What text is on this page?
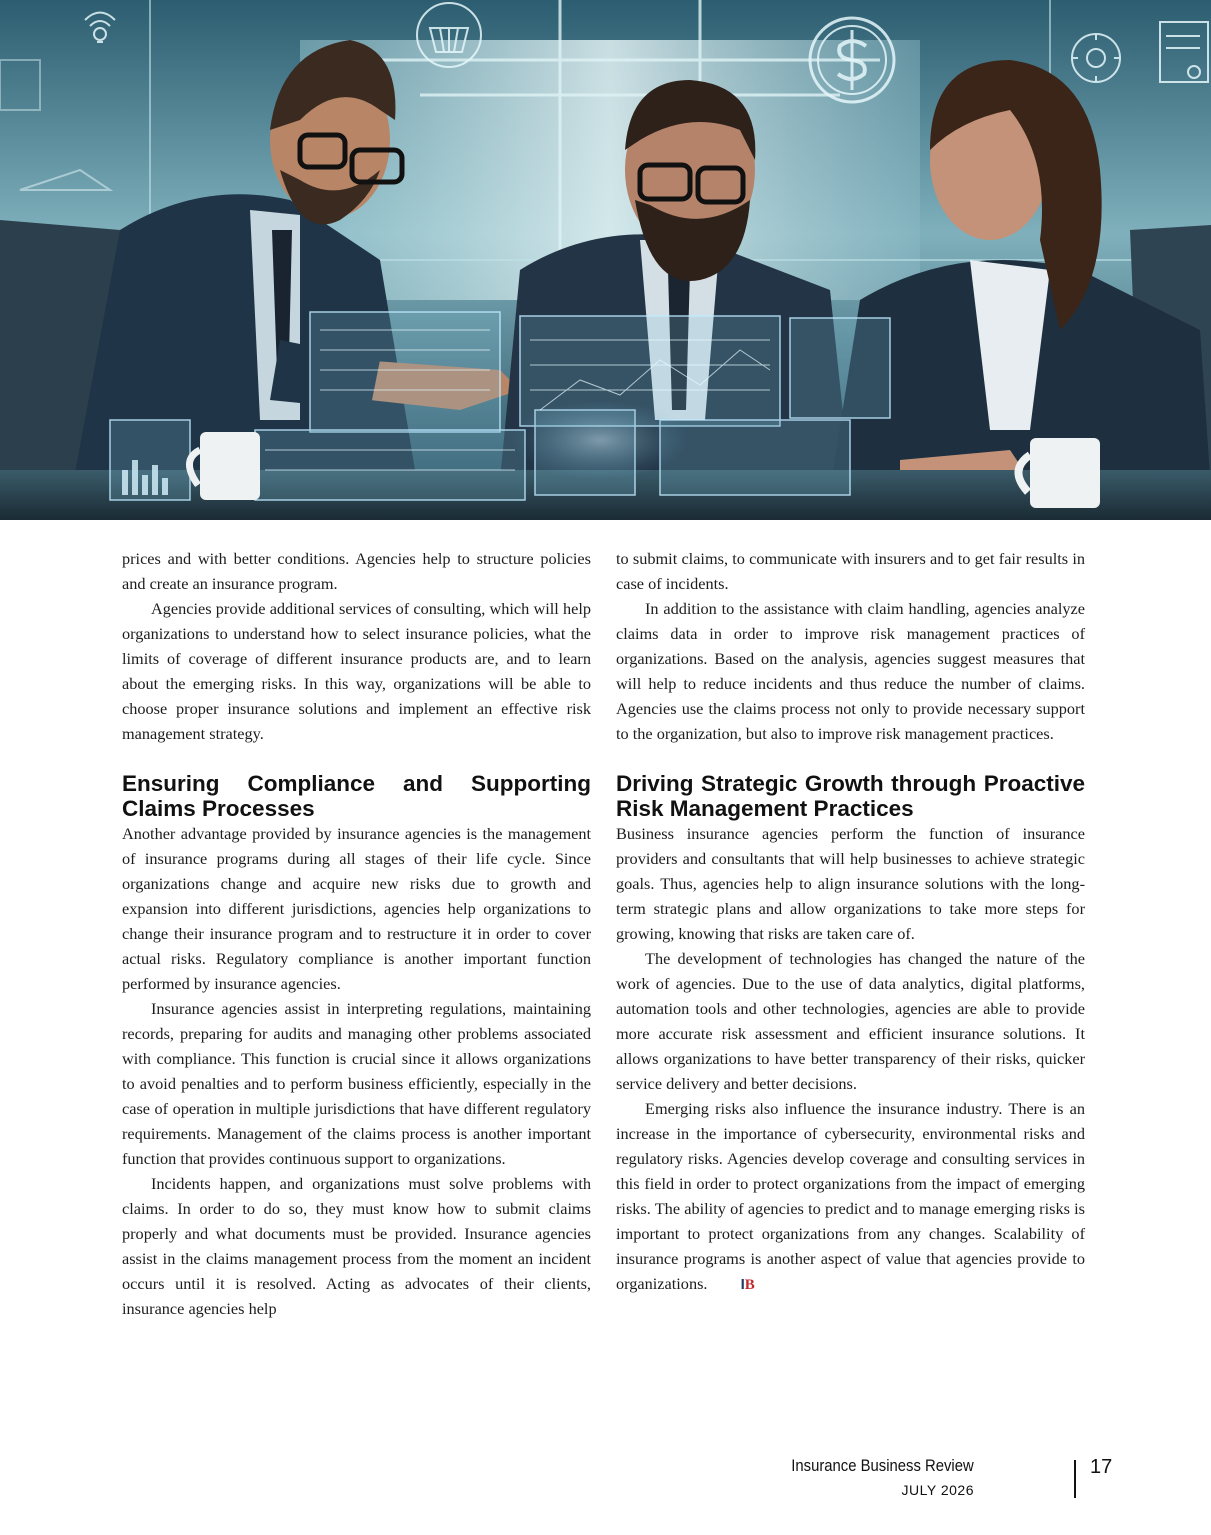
prices and with better conditions. Agencies help to structure policies and create an insurance program.

Agencies provide additional services of consulting, which will help organizations to understand how to select insurance policies, what the limits of coverage of different insurance products are, and to learn about the emerging risks. In this way, organizations will be able to choose proper insurance solutions and implement an effective risk management strategy.

Ensuring Compliance and Supporting Claims Processes

Another advantage provided by insurance agencies is the management of insurance programs during all stages of their life cycle. Since organizations change and acquire new risks due to growth and expansion into different jurisdictions, agencies help organizations to change their insurance program and to restructure it in order to cover actual risks. Regulatory compliance is another important function performed by insurance agencies.

Insurance agencies assist in interpreting regulations, maintaining records, preparing for audits and managing other problems associated with compliance. This function is crucial since it allows organizations to avoid penalties and to perform business efficiently, especially in the case of operation in multiple jurisdictions that have different regulatory requirements. Management of the claims process is another important function that provides continuous support to organizations.

Incidents happen, and organizations must solve problems with claims. In order to do so, they must know how to submit claims properly and what documents must be provided. Insurance agencies assist in the claims management process from the moment an incident occurs until it is resolved. Acting as advocates of their clients, insurance agencies help

to submit claims, to communicate with insurers and to get fair results in case of incidents.

In addition to the assistance with claim handling, agencies analyze claims data in order to improve risk management practices of organizations. Based on the analysis, agencies suggest measures that will help to reduce incidents and thus reduce the number of claims. Agencies use the claims process not only to provide necessary support to the organization, but also to improve risk management practices.

Driving Strategic Growth through Proactive Risk Management Practices

Business insurance agencies perform the function of insurance providers and consultants that will help businesses to achieve strategic goals. Thus, agencies help to align insurance solutions with the long-term strategic plans and allow organizations to take more steps for growing, knowing that risks are taken care of.

The development of technologies has changed the nature of the work of agencies. Due to the use of data analytics, digital platforms, automation tools and other technologies, agencies are able to provide more accurate risk assessment and efficient insurance solutions. It allows organizations to have better transparency of their risks, quicker service delivery and better decisions.

Emerging risks also influence the insurance industry. There is an increase in the importance of cybersecurity, environmental risks and regulatory risks. Agencies develop coverage and consulting services in this field in order to protect organizations from the impact of emerging risks. The ability of agencies to predict and to manage emerging risks is important to protect organizations from any changes. Scalability of insurance programs is another aspect of value that agencies provide to organizations. IB

Insurance Business Review
JULY 2026
17
